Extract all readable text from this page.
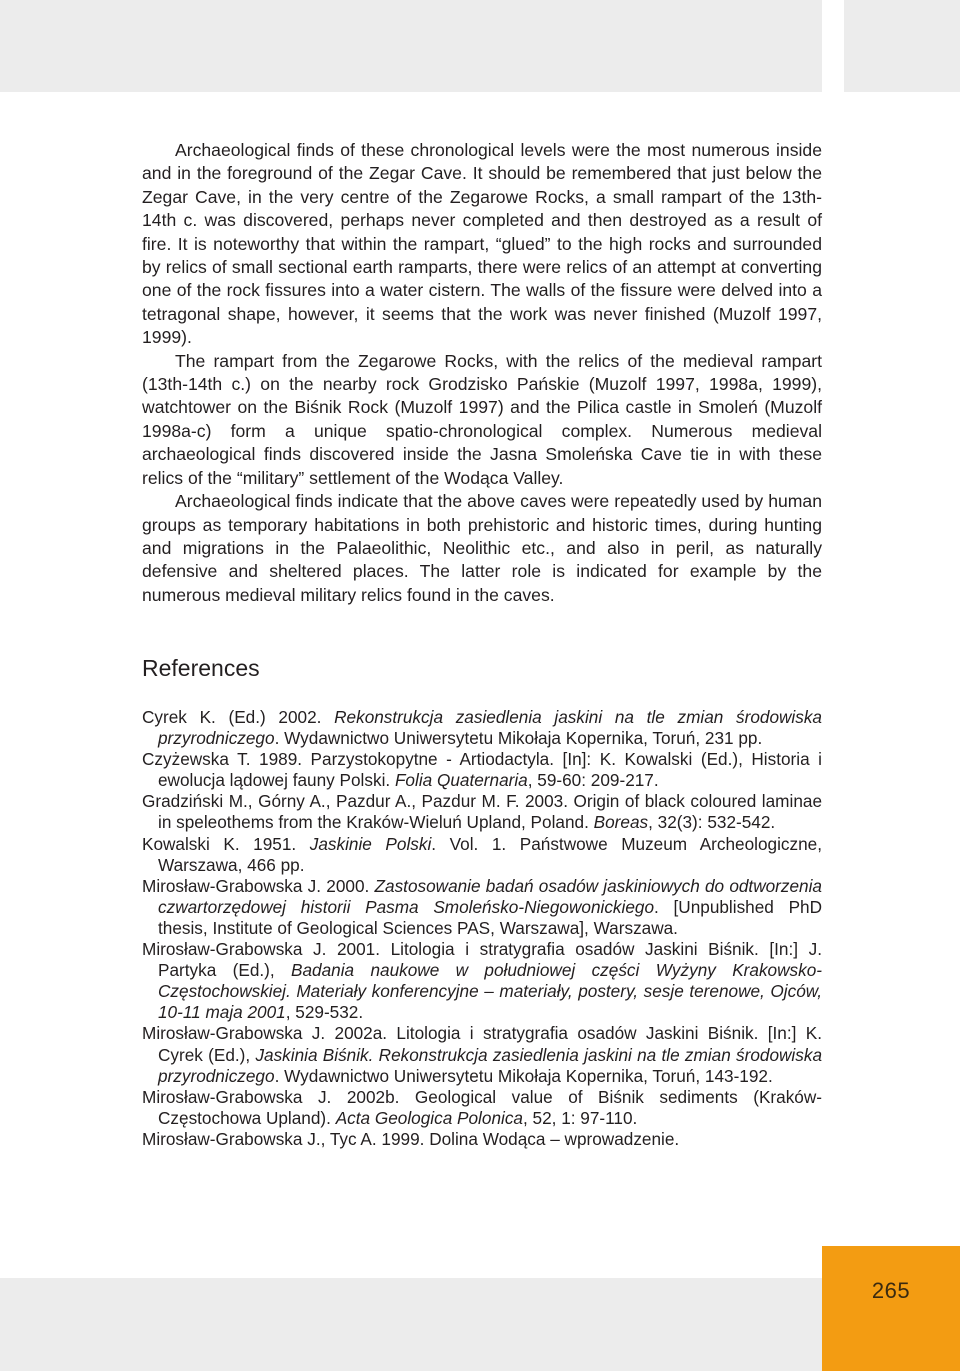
265

Archaeological finds of these chronological levels were the most numerous inside and in the foreground of the Zegar Cave. It should be remembered that just below the Zegar Cave, in the very centre of the Zegarowe Rocks, a small rampart of the 13th-14th c. was discovered, perhaps never completed and then destroyed as a result of fire. It is noteworthy that within the rampart, “glued” to the high rocks and surrounded by relics of small sectional earth ramparts, there were relics of an attempt at converting one of the rock fissures into a water cistern. The walls of the fissure were delved into a tetragonal shape, however, it seems that the work was never finished (Muzolf 1997, 1999).

The rampart from the Zegarowe Rocks, with the relics of the medieval rampart (13th-14th c.) on the nearby rock Grodzisko Pańskie (Muzolf 1997, 1998a, 1999), watchtower on the Biśnik Rock (Muzolf 1997) and the Pilica castle in Smoleń (Muzolf 1998a-c) form a unique spatio-chronological complex. Numerous medieval archaeological finds discovered inside the Jasna Smoleńska Cave tie in with these relics of the “military” settlement of the Wodąca Valley.

Archaeological finds indicate that the above caves were repeatedly used by human groups as temporary habitations in both prehistoric and historic times, during hunting and migrations in the Palaeolithic, Neolithic etc., and also in peril, as naturally defensive and sheltered places. The latter role is indicated for example by the numerous medieval military relics found in the caves.

References
Cyrek K. (Ed.) 2002. Rekonstrukcja zasiedlenia jaskini na tle zmian środowiska przyrodniczego. Wydawnictwo Uniwersytetu Mikołaja Kopernika, Toruń, 231 pp.
Czyżewska T. 1989. Parzystokopytne - Artiodactyla. [In]: K. Kowalski (Ed.), Historia i ewolucja lądowej fauny Polski. Folia Quaternaria, 59-60: 209-217.
Gradziński M., Górny A., Pazdur A., Pazdur M. F. 2003. Origin of black coloured laminae in speleothems from the Kraków-Wieluń Upland, Poland. Boreas, 32(3): 532-542.
Kowalski K. 1951. Jaskinie Polski. Vol. 1. Państwowe Muzeum Archeologiczne, Warszawa, 466 pp.
Mirosław-Grabowska J. 2000. Zastosowanie badań osadów jaskiniowych do odtworzenia czwartorzędowej historii Pasma Smoleńsko-Niegowonickiego. [Unpublished PhD thesis, Institute of Geological Sciences PAS, Warszawa], Warszawa.
Mirosław-Grabowska J. 2001. Litologia i stratygrafia osadów Jaskini Biśnik. [In:] J. Partyka (Ed.), Badania naukowe w południowej części Wyżyny Krakowsko-Częstochowskiej. Materiały konferencyjne – materiały, postery, sesje terenowe, Ojców, 10-11 maja 2001, 529-532.
Mirosław-Grabowska J. 2002a. Litologia i stratygrafia osadów Jaskini Biśnik. [In:] K. Cyrek (Ed.), Jaskinia Biśnik. Rekonstrukcja zasiedlenia jaskini na tle zmian środowiska przyrodniczego. Wydawnictwo Uniwersytetu Mikołaja Kopernika, Toruń, 143-192.
Mirosław-Grabowska J. 2002b. Geological value of Biśnik sediments (Kraków-Częstochowa Upland). Acta Geologica Polonica, 52, 1: 97-110.
Mirosław-Grabowska J., Tyc A. 1999. Dolina Wodąca – wprowadzenie.
